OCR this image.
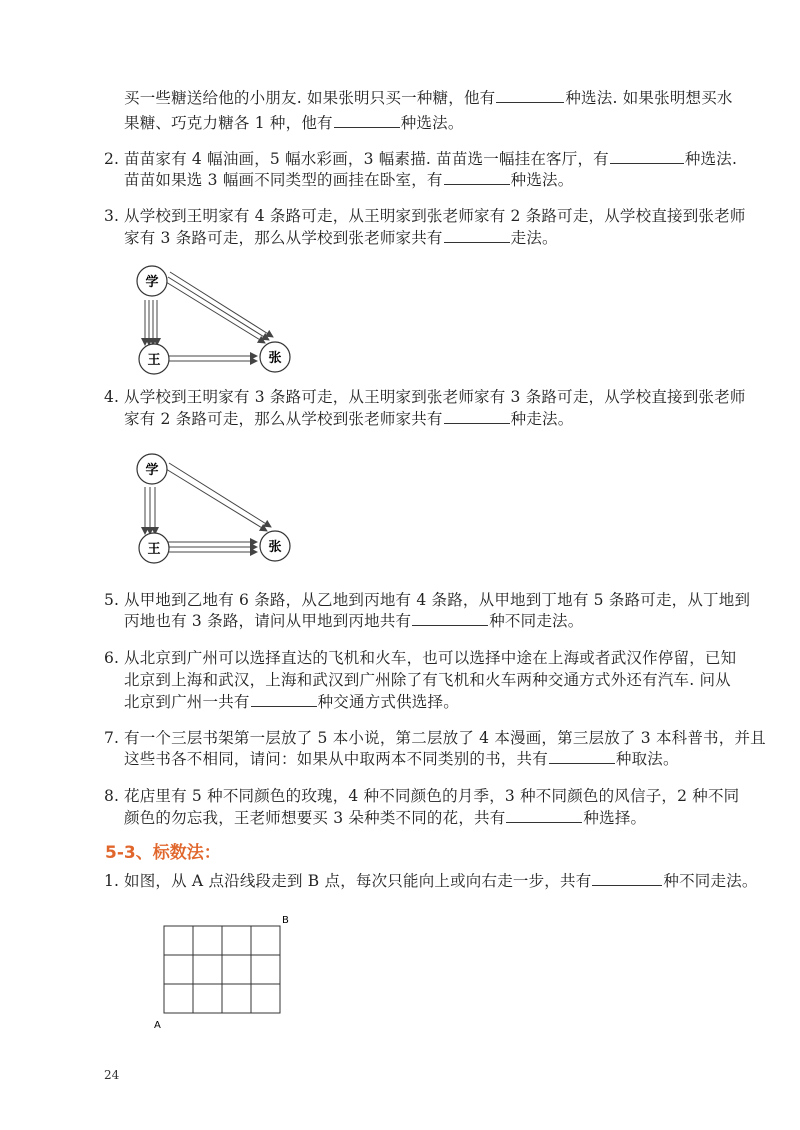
买一些糖送给他的小朋友. 如果张明只买一种糖，他有	种选法. 如果张明想买水
果糖、巧克力糖各 1 种，他有	种选法。
2. 苗苗家有 4 幅油画，5 幅水彩画，3 幅素描. 苗苗选一幅挂在客厅，有	种选法.
苗苗如果选 3 幅画不同类型的画挂在卧室，有	种选法。
3. 从学校到王明家有 4 条路可走，从王明家到张老师家有 2 条路可走，从学校直接到张老师
家有 3 条路可走，那么从学校到张老师家共有	走法。
学
王	张
4. 从学校到王明家有 3 条路可走，从王明家到张老师家有 3 条路可走，从学校直接到张老师
家有 2 条路可走，那么从学校到张老师家共有	种走法。
学
王	张
5. 从甲地到乙地有 6 条路，从乙地到丙地有 4 条路，从甲地到丁地有 5 条路可走，从丁地到
丙地也有 3 条路，请问从甲地到丙地共有	种不同走法。
6. 从北京到广州可以选择直达的飞机和火车，也可以选择中途在上海或者武汉作停留，已知
北京到上海和武汉，上海和武汉到广州除了有飞机和火车两种交通方式外还有汽车. 问从
北京到广州一共有	种交通方式供选择。
7. 有一个三层书架第一层放了 5 本小说，第二层放了 4 本漫画，第三层放了 3 本科普书，并且
这些书各不相同，请问：如果从中取两本不同类别的书，共有	种取法。
8. 花店里有 5 种不同颜色的玫瑰，4 种不同颜色的月季，3 种不同颜色的风信子，2 种不同
颜色的勿忘我，王老师想要买 3 朵种类不同的花，共有	种选择。
5-3、标数法：
1. 如图，从 A 点沿线段走到 B 点，每次只能向上或向右走一步，共有	种不同走法。
A
B
24
